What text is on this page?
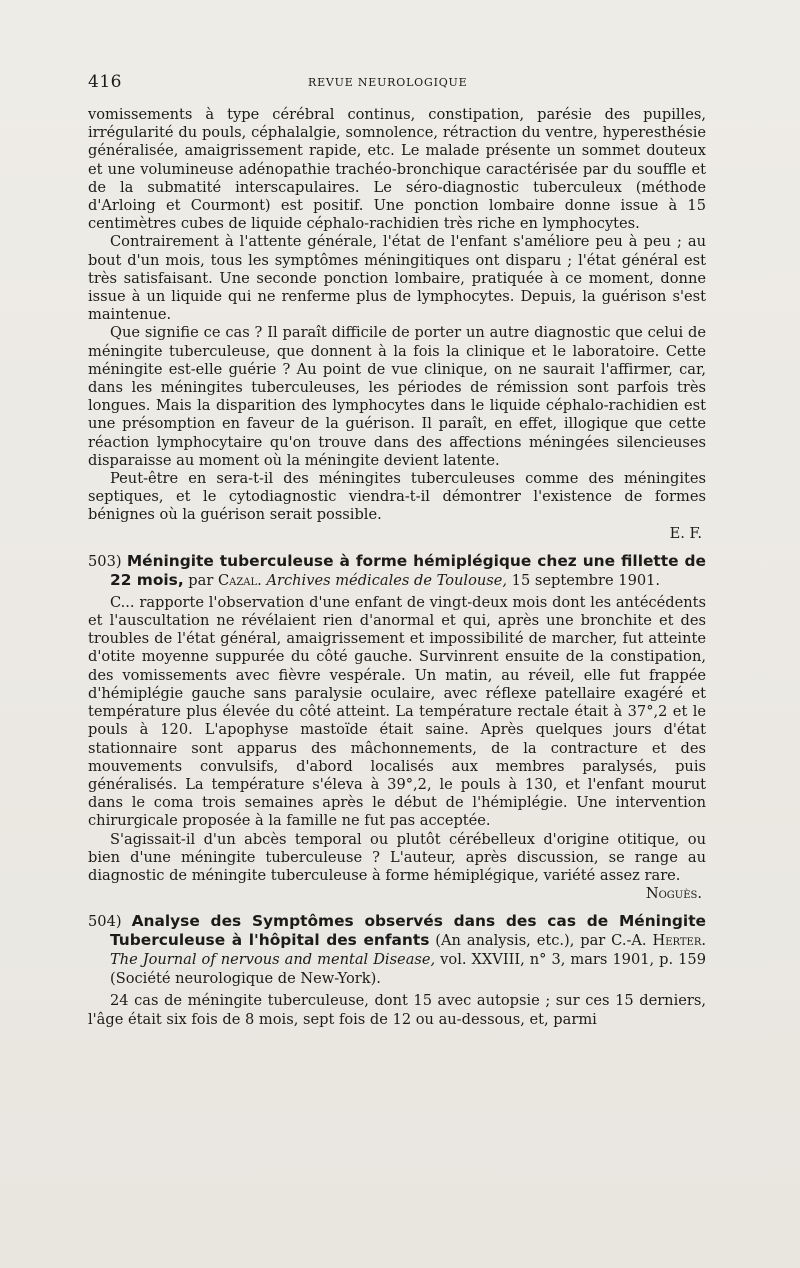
416	REVUE NEUROLOGIQUE

vomissements à type cérébral continus, constipation, parésie des pupilles, irrégularité du pouls, céphalalgie, somnolence, rétraction du ventre, hyperesthésie généralisée, amaigrissement rapide, etc. Le malade présente un sommet douteux et une volumineuse adénopathie trachéo-bronchique caractérisée par du souffle et de la submatité interscapulaires. Le séro-diagnostic tuberculeux (méthode d'Arloing et Courmont) est positif. Une ponction lombaire donne issue à 15 centimètres cubes de liquide céphalo-rachidien très riche en lymphocytes.

Contrairement à l'attente générale, l'état de l'enfant s'améliore peu à peu ; au bout d'un mois, tous les symptômes méningitiques ont disparu ; l'état général est très satisfaisant. Une seconde ponction lombaire, pratiquée à ce moment, donne issue à un liquide qui ne renferme plus de lymphocytes. Depuis, la guérison s'est maintenue.

Que signifie ce cas ? Il paraît difficile de porter un autre diagnostic que celui de méningite tuberculeuse, que donnent à la fois la clinique et le laboratoire. Cette méningite est-elle guérie ? Au point de vue clinique, on ne saurait l'affirmer, car, dans les méningites tuberculeuses, les périodes de rémission sont parfois très longues. Mais la disparition des lymphocytes dans le liquide céphalo-rachidien est une présomption en faveur de la guérison. Il paraît, en effet, illogique que cette réaction lymphocytaire qu'on trouve dans des affections méningées silencieuses disparaisse au moment où la méningite devient latente.

Peut-être en sera-t-il des méningites tuberculeuses comme des méningites septiques, et le cytodiagnostic viendra-t-il démontrer l'existence de formes bénignes où la guérison serait possible.

E. F.

503) Méningite tuberculeuse à forme hémiplégique chez une fillette de 22 mois, par Cazal. Archives médicales de Toulouse, 15 septembre 1901.

C... rapporte l'observation d'une enfant de vingt-deux mois dont les antécédents et l'auscultation ne révélaient rien d'anormal et qui, après une bronchite et des troubles de l'état général, amaigrissement et impossibilité de marcher, fut atteinte d'otite moyenne suppurée du côté gauche. Survinrent ensuite de la constipation, des vomissements avec fièvre vespérale. Un matin, au réveil, elle fut frappée d'hémiplégie gauche sans paralysie oculaire, avec réflexe patellaire exagéré et température plus élevée du côté atteint. La température rectale était à 37°,2 et le pouls à 120. L'apophyse mastoïde était saine. Après quelques jours d'état stationnaire sont apparus des mâchonnements, de la contracture et des mouvements convulsifs, d'abord localisés aux membres paralysés, puis généralisés. La température s'éleva à 39°,2, le pouls à 130, et l'enfant mourut dans le coma trois semaines après le début de l'hémiplégie. Une intervention chirurgicale proposée à la famille ne fut pas acceptée.

S'agissait-il d'un abcès temporal ou plutôt cérébelleux d'origine otitique, ou bien d'une méningite tuberculeuse ? L'auteur, après discussion, se range au diagnostic de méningite tuberculeuse à forme hémiplégique, variété assez rare.

Noguès.

504) Analyse des Symptômes observés dans des cas de Méningite Tuberculeuse à l'hôpital des enfants (An analysis, etc.), par C.-A. Herter. The Journal of nervous and mental Disease, vol. XXVIII, n° 3, mars 1901, p. 159 (Société neurologique de New-York).

24 cas de méningite tuberculeuse, dont 15 avec autopsie ; sur ces 15 derniers, l'âge était six fois de 8 mois, sept fois de 12 ou au-dessous, et, parmi
